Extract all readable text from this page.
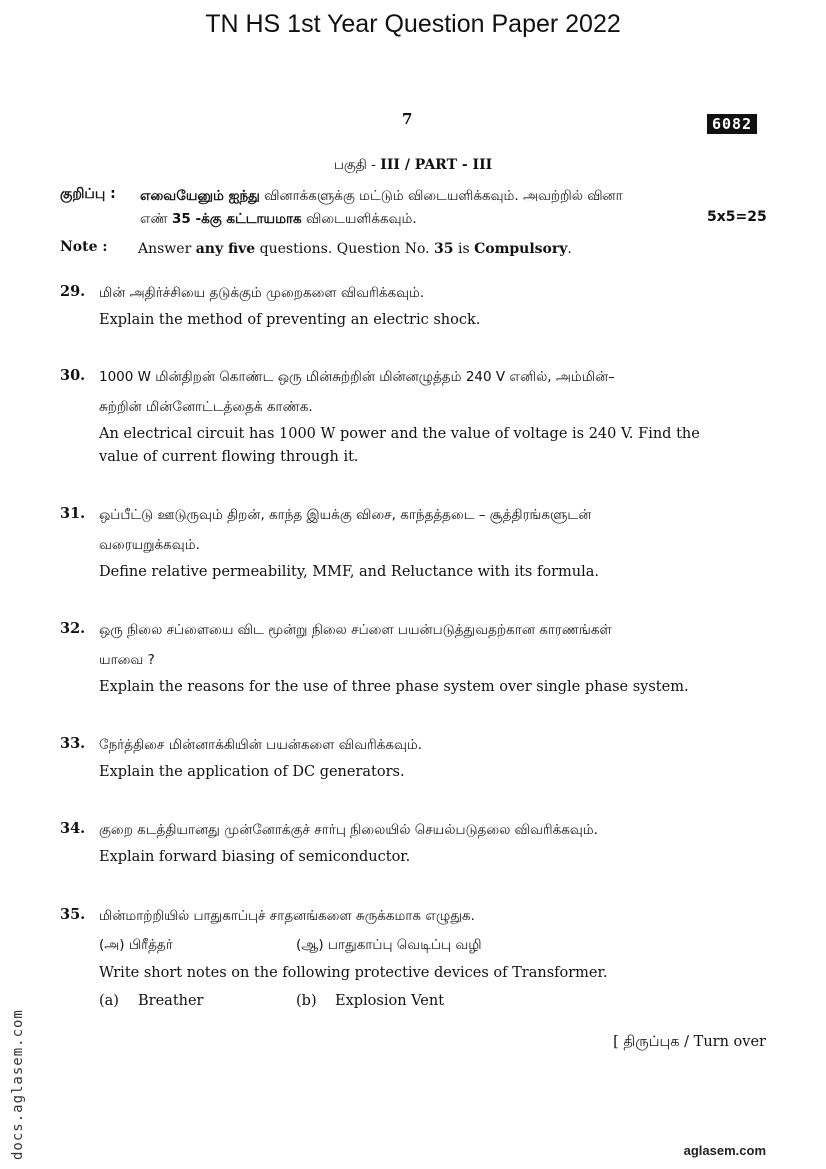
TN HS 1st Year Question Paper 2022
7	6082
பகுதி - III / PART - III
குறிப்பு : எவையேனும் ஐந்து வினாக்களுக்கு மட்டும் விடையளிக்கவும். அவற்றில் வினா
எண் 35 -க்கு கட்டாயமாக விடையளிக்கவும்.	5x5=25
Note : Answer any five questions. Question No. 35 is Compulsory.
29. மின் அதிர்ச்சியை தடுக்கும் முறைகளை விவரிக்கவும்.
Explain the method of preventing an electric shock.
30. 1000 W மின்திறன் கொண்ட ஒரு மின்சுற்றின் மின்னழுத்தம் 240 V எனில், அம்மின்–
சுற்றின் மின்னோட்டத்தைக் காண்க.
An electrical circuit has 1000 W power and the value of voltage is 240 V. Find the
value of current flowing through it.
31. ஒப்பீட்டு ஊடுருவும் திறன், காந்த இயக்கு விசை, காந்தத்தடை – சூத்திரங்களுடன்
வரையறுக்கவும்.
Define relative permeability, MMF, and Reluctance with its formula.
32. ஒரு நிலை சப்ளையை விட மூன்று நிலை சப்ளை பயன்படுத்துவதற்கான காரணங்கள்
யாவை ?
Explain the reasons for the use of three phase system over single phase system.
33. நேர்த்திசை மின்னாக்கியின் பயன்களை விவரிக்கவும்.
Explain the application of DC generators.
34. குறை கடத்தியானது முன்னோக்குச் சார்பு நிலையில் செயல்படுதலை விவரிக்கவும்.
Explain forward biasing of semiconductor.
35. மின்மாற்றியில் பாதுகாப்புச் சாதனங்களை சுருக்கமாக எழுதுக.
(அ) பிரீத்தர்	(ஆ) பாதுகாப்பு வெடிப்பு வழி
Write short notes on the following protective devices of Transformer.
(a) Breather	(b) Explosion Vent
[ திருப்புக / Turn over
docs.aglasem.com	aglasem.com
